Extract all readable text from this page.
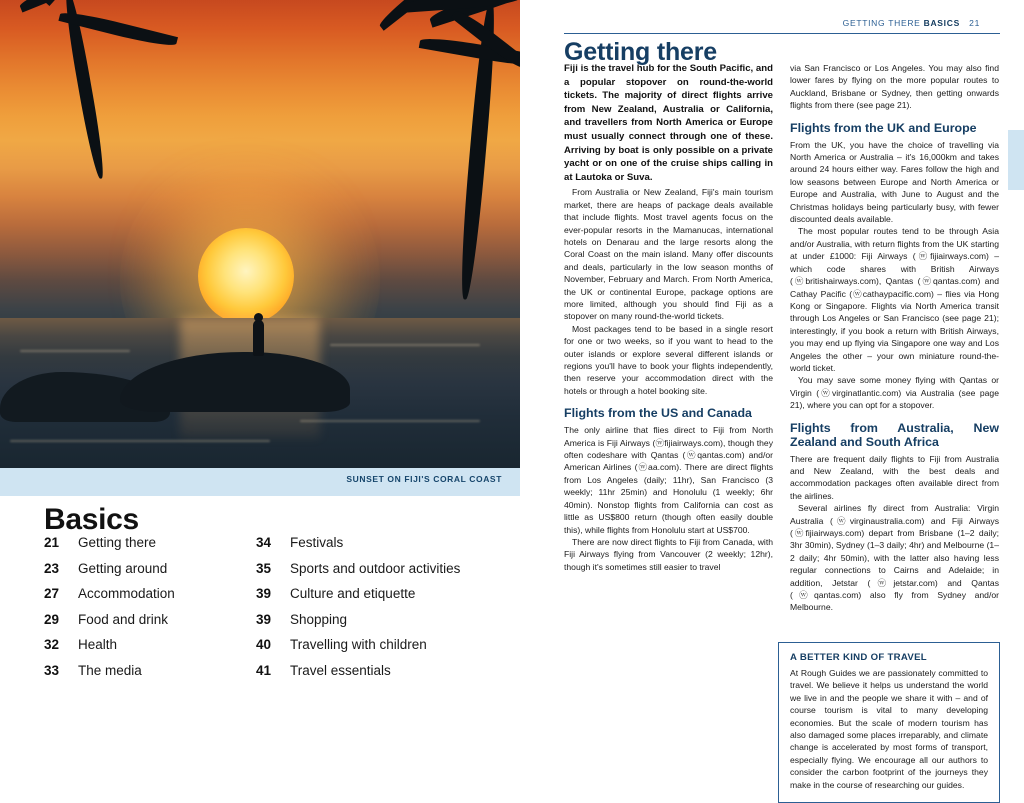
SUNSET ON FIJI'S CORAL COAST
Basics
21	Getting there
23	Getting around
27	Accommodation
29	Food and drink
32	Health
33	The media
34	Festivals
35	Sports and outdoor activities
39	Culture and etiquette
39	Shopping
40	Travelling with children
41	Travel essentials
GETTING THERE BASICS 21
Getting there
Fiji is the travel hub for the South Pacific, and a popular stopover on round-the-world tickets. The majority of direct flights arrive from New Zealand, Australia or California, and travellers from North America or Europe must usually connect through one of these. Arriving by boat is only possible on a private yacht or on one of the cruise ships calling in at Lautoka or Suva.

From Australia or New Zealand, Fiji's main tourism market, there are heaps of package deals available that include flights. Most travel agents focus on the ever-popular resorts in the Mamanucas, international hotels on Denarau and the large resorts along the Coral Coast on the main island. Many offer discounts and deals, particularly in the low season months of November, February and March. From North America, the UK or continental Europe, package options are more limited, although you should find Fiji as a stopover on many round-the-world tickets.

Most packages tend to be based in a single resort for one or two weeks, so if you want to head to the outer islands or explore several different islands or regions you'll have to book your flights independently, then reserve your accommodation direct with the hotels or through a hotel booking site.

Flights from the US and Canada

The only airline that flies direct to Fiji from North America is Fiji Airways (ⓦfijiairways.com), though they often codeshare with Qantas (ⓦqantas.com) and/or American Airlines (ⓦaa.com). There are direct flights from Los Angeles (daily; 11hr), San Francisco (3 weekly; 11hr 25min) and Honolulu (1 weekly; 6hr 40min). Nonstop flights from California can cost as little as US$800 return (though often easily double this), while flights from Honolulu start at US$700.

There are now direct flights to Fiji from Canada, with Fiji Airways flying from Vancouver (2 weekly; 12hr), though it's sometimes still easier to travel

via San Francisco or Los Angeles. You may also find lower fares by flying on the more popular routes to Auckland, Brisbane or Sydney, then getting onwards flights from there (see page 21).

Flights from the UK and Europe

From the UK, you have the choice of travelling via North America or Australia – it's 16,000km and takes around 24 hours either way. Fares follow the high and low seasons between Europe and North America or Europe and Australia, with June to August and the Christmas holidays being particularly busy, with fewer discounted deals available.

The most popular routes tend to be through Asia and/or Australia, with return flights from the UK starting at under £1000: Fiji Airways (ⓦfijiairways.com) – which code shares with British Airways (ⓦbritishairways.com), Qantas (ⓦqantas.com) and Cathay Pacific (ⓦcathaypacific.com) – flies via Hong Kong or Singapore. Flights via North America transit through Los Angeles or San Francisco (see page 21); interestingly, if you book a return with British Airways, you may end up flying via Singapore one way and Los Angeles the other – your own miniature round-the-world ticket.

You may save some money flying with Qantas or Virgin (ⓦvirginatlantic.com) via Australia (see page 21), where you can opt for a stopover.

Flights from Australia, New Zealand and South Africa

There are frequent daily flights to Fiji from Australia and New Zealand, with the best deals and accommodation packages often available direct from the airlines.

Several airlines fly direct from Australia: Virgin Australia (ⓦvirginaustralia.com) and Fiji Airways (ⓦfijiairways.com) depart from Brisbane (1–2 daily; 3hr 30min), Sydney (1–3 daily; 4hr) and Melbourne (1–2 daily; 4hr 50min), with the latter also having less regular connections to Cairns and Adelaide; in addition, Jetstar (ⓦjetstar.com) and Qantas (ⓦqantas.com) also fly from Sydney and/or Melbourne.

A BETTER KIND OF TRAVEL
At Rough Guides we are passionately committed to travel. We believe it helps us understand the world we live in and the people we share it with – and of course tourism is vital to many developing economies. But the scale of modern tourism has also damaged some places irreparably, and climate change is accelerated by most forms of transport, especially flying. We encourage all our authors to consider the carbon footprint of the journeys they make in the course of researching our guides.
